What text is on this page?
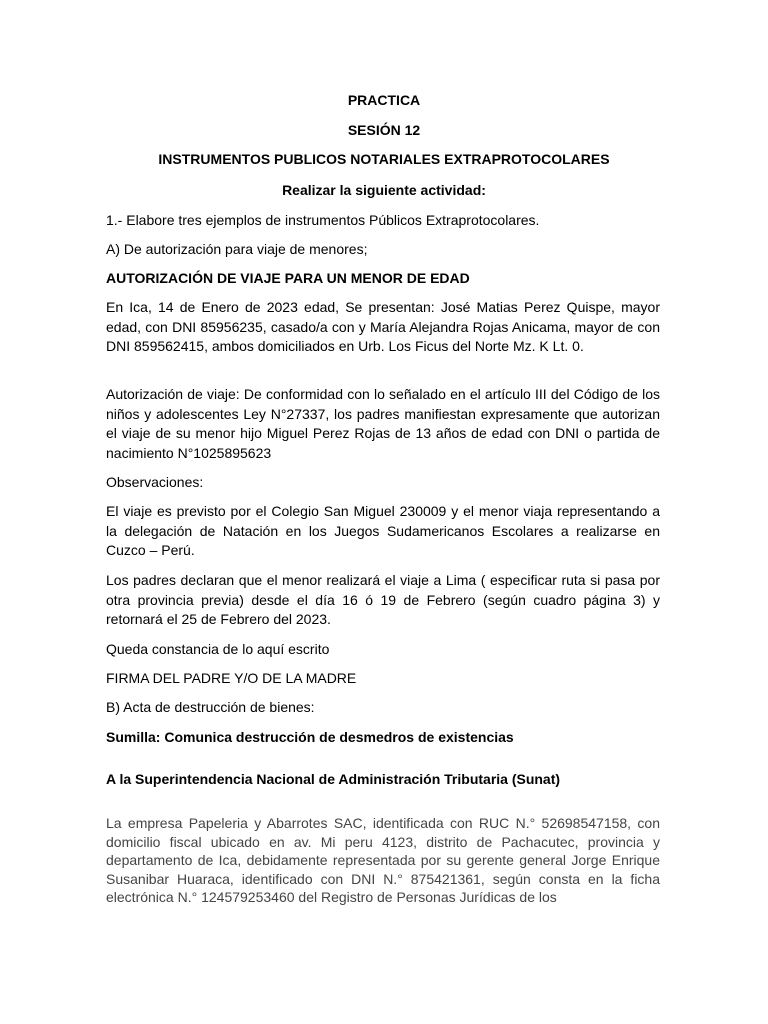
PRACTICA

SESIÓN 12

INSTRUMENTOS PUBLICOS NOTARIALES EXTRAPROTOCOLARES

Realizar la siguiente actividad:

1.- Elabore tres ejemplos de instrumentos Públicos Extraprotocolares.

A) De autorización para viaje de menores;

AUTORIZACIÓN DE VIAJE PARA UN MENOR DE EDAD

En Ica, 14 de Enero de 2023 edad, Se presentan: José Matias Perez Quispe, mayor edad, con DNI 85956235, casado/a con y María Alejandra Rojas Anicama, mayor de con DNI 859562415, ambos domiciliados en Urb. Los Ficus del Norte Mz. K Lt. 0.

Autorización de viaje: De conformidad con lo señalado en el artículo III del Código de los niños y adolescentes Ley N°27337, los padres manifiestan expresamente que autorizan el viaje de su menor hijo Miguel Perez Rojas de 13 años de edad con DNI o partida de nacimiento N°1025895623

Observaciones:

El viaje es previsto por el Colegio San Miguel 230009 y el menor viaja representando a la delegación de Natación en los Juegos Sudamericanos Escolares a realizarse en Cuzco – Perú.

Los padres declaran que el menor realizará el viaje a Lima ( especificar ruta si pasa por otra provincia previa) desde el día 16 ó 19 de Febrero (según cuadro página 3) y retornará el 25 de Febrero del 2023.

Queda constancia de lo aquí escrito

FIRMA DEL PADRE Y/O DE LA MADRE

B) Acta de destrucción de bienes:

Sumilla: Comunica destrucción de desmedros de existencias

A la Superintendencia Nacional de Administración Tributaria (Sunat)

La empresa Papeleria y Abarrotes SAC, identificada con RUC N.° 52698547158, con domicilio fiscal ubicado en av. Mi peru 4123, distrito de Pachacutec, provincia y departamento de Ica, debidamente representada por su gerente general Jorge Enrique Susanibar Huaraca, identificado con DNI N.° 875421361, según consta en la ficha electrónica N.° 124579253460 del Registro de Personas Jurídicas de los
